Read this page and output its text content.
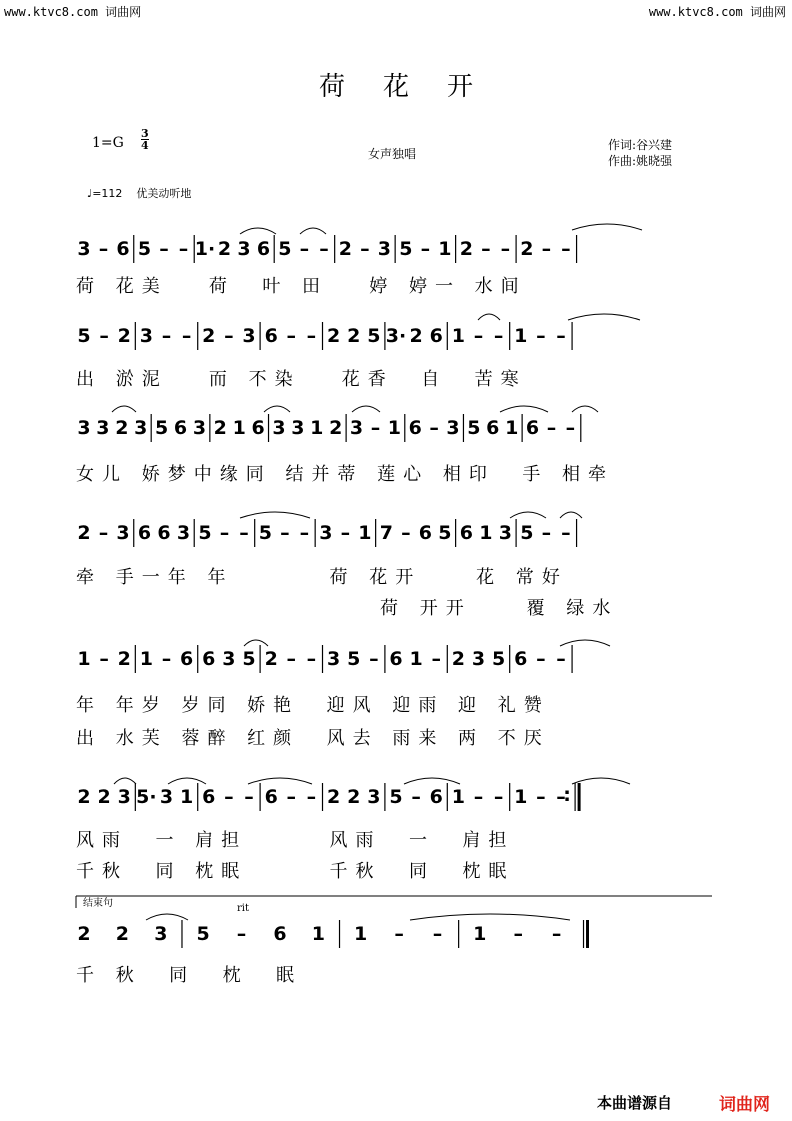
www.ktvc8.com 词曲网	www.ktvc8.com 词曲网
荷花开
1=G
3
4
女声独唱
作词:谷兴建
作曲:姚晓强
♩=112 优美动听地
3 – 6 5 – – 1· 2 3 6 5 – – 2 – 3 5 – 1 2 – – 2 – –
荷 花美   荷  叶 田   婷 婷一 水间
5 – 2 3 – – 2 – 3 6 – – 2 2 5 3· 2 6 1 – – 1 – –
出 淤泥   而 不染   花香  自  苦寒
3 3 2 3 5 6 3 2 1 6 3 3 1 2 3 – 1 6 – 3 5 6 1 6 – –
女儿 娇梦中缘同 结并蒂 莲心 相印  手 相牵
2 – 3 6 6 3 5 – – 5 – – 3 – 1 7 – 6 5 6 1 3 5 – –
牵 手一年 年       荷 花开    花 常好
荷 开开    覆 绿水
1 – 2 1 – 6 6 3 5 2 – – 3 5 – 6 1 – 2 3 5 6 – –
年 年岁 岁同 娇艳  迎风 迎雨 迎 礼赞
出 水芙 蓉醉 红颜  风去 雨来 两 不厌
2 2 3 5· 3 1 6 – – 6 – – 2 2 3 5 – 6 1 – – 1 – –
:
风雨  一 肩担      风雨  一  肩担
千秋  同 枕眠      千秋  同  枕眠
2 2 3 5 – 6 1 1 – – 1 – –
千 秋  同  枕  眠
结束句	rit
本曲谱源自	词曲网
